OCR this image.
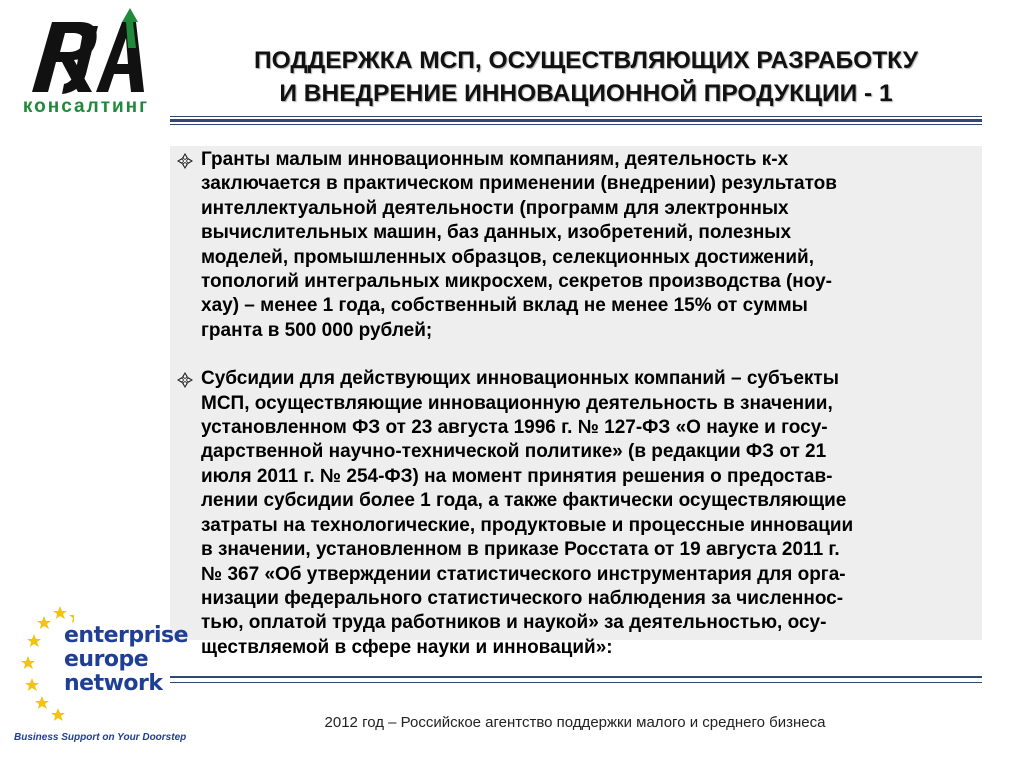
консалтинг
ПОДДЕРЖКА МСП, ОСУЩЕСТВЛЯЮЩИХ РАЗРАБОТКУ
И ВНЕДРЕНИЕ ИННОВАЦИОННОЙ ПРОДУКЦИИ - 1
Гранты малым инновационным компаниям, деятельность к-х
заключается в практическом применении (внедрении) результатов
интеллектуальной деятельности (программ для электронных
вычислительных машин, баз данных, изобретений, полезных
моделей, промышленных образцов, селекционных достижений,
топологий интегральных микросхем, секретов производства (ноу-
хау) – менее 1 года, собственный вклад не менее 15% от суммы
гранта в 500 000 рублей;
Субсидии для действующих инновационных компаний – субъекты
МСП, осуществляющие инновационную деятельность в значении,
установленном ФЗ от 23 августа 1996 г. № 127-ФЗ «О науке и госу-
дарственной научно-технической политике» (в редакции ФЗ от 21
июля 2011 г. № 254-ФЗ) на момент принятия решения о предостав-
лении субсидии более 1 года, а также фактически осуществляющие
затраты на технологические, продуктовые и процессные инновации
в значении, установленном в приказе Росстата от 19 августа 2011 г.
№ 367 «Об утверждении статистического инструментария для орга-
низации федерального статистического наблюдения за численнос-
тью, оплатой труда работников и наукой» за деятельностью, осу-
ществляемой в сфере науки и инноваций»:
enterprise
europe
network
Business Support on Your Doorstep
2012 год – Российское агентство поддержки малого и среднего бизнеса
